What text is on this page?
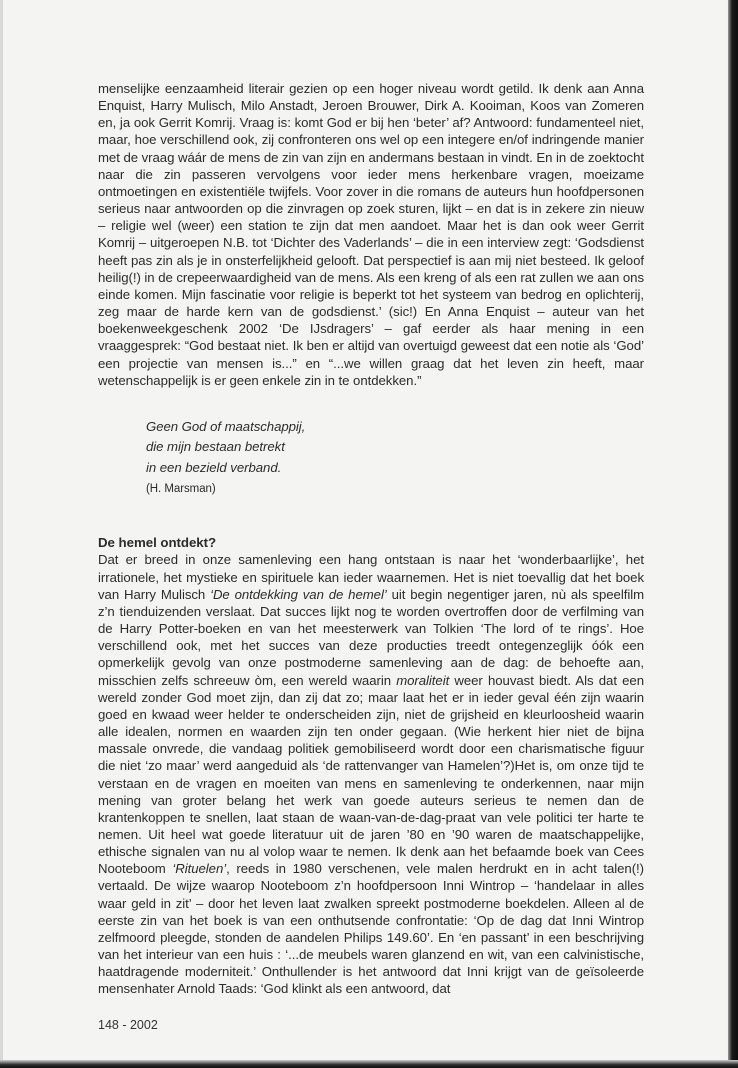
menselijke eenzaamheid literair gezien op een hoger niveau wordt getild. Ik denk aan Anna Enquist, Harry Mulisch, Milo Anstadt, Jeroen Brouwer, Dirk A. Kooiman, Koos van Zomeren en, ja ook Gerrit Komrij. Vraag is: komt God er bij hen ‘beter’ af? Antwoord: fundamenteel niet, maar, hoe verschillend ook, zij confronteren ons wel op een integere en/of indringende manier met de vraag wáár de mens de zin van zijn en andermans bestaan in vindt. En in de zoektocht naar die zin passeren vervolgens voor ieder mens herkenbare vragen, moeizame ontmoetingen en existentiële twijfels. Voor zover in die romans de auteurs hun hoofdpersonen serieus naar antwoorden op die zinvragen op zoek sturen, lijkt – en dat is in zekere zin nieuw – religie wel (weer) een station te zijn dat men aandoet. Maar het is dan ook weer Gerrit Komrij – uitgeroepen N.B. tot ‘Dichter des Vaderlands’ – die in een interview zegt: ‘Godsdienst heeft pas zin als je in onsterfelijkheid gelooft. Dat perspectief is aan mij niet besteed. Ik geloof heilig(!) in de crepeerwaardigheid van de mens. Als een kreng of als een rat zullen we aan ons einde komen. Mijn fascinatie voor religie is beperkt tot het systeem van bedrog en oplichterij, zeg maar de harde kern van de godsdienst.’ (sic!) En Anna Enquist – auteur van het boekenweekgeschenk 2002 ‘De IJsdragers’ – gaf eerder als haar mening in een vraaggesprek: “God bestaat niet. Ik ben er altijd van overtuigd geweest dat een notie als ‘God’ een projectie van mensen is...” en “...we willen graag dat het leven zin heeft, maar wetenschappelijk is er geen enkele zin in te ontdekken.”

Geen God of maatschappij,
die mijn bestaan betrekt
in een bezield verband.
(H. Marsman)
De hemel ontdekt?

Dat er breed in onze samenleving een hang ontstaan is naar het ‘wonderbaarlijke’, het irrationele, het mystieke en spirituele kan ieder waarnemen. Het is niet toevallig dat het boek van Harry Mulisch ‘De ontdekking van de hemel’ uit begin negentiger jaren, nù als speelfilm z’n tienduizenden verslaat. Dat succes lijkt nog te worden overtroffen door de verfilming van de Harry Potter-boeken en van het meesterwerk van Tolkien ‘The lord of te rings’. Hoe verschillend ook, met het succes van deze producties treedt ontegenzeglijk óók een opmerkelijk gevolg van onze postmoderne samenleving aan de dag: de behoefte aan, misschien zelfs schreeuw òm, een wereld waarin moraliteit weer houvast biedt. Als dat een wereld zonder God moet zijn, dan zij dat zo; maar laat het er in ieder geval één zijn waarin goed en kwaad weer helder te onderscheiden zijn, niet de grijsheid en kleurloosheid waarin alle idealen, normen en waarden zijn ten onder gegaan. (Wie herkent hier niet de bijna massale onvrede, die vandaag politiek gemobiliseerd wordt door een charismatische figuur die niet ‘zo maar’ werd aangeduid als ‘de rattenvanger van Hamelen’?)Het is, om onze tijd te verstaan en de vragen en moeiten van mens en samenleving te onderkennen, naar mijn mening van groter belang het werk van goede auteurs serieus te nemen dan de krantenkoppen te snellen, laat staan de waan-van-de-dag-praat van vele politici ter harte te nemen. Uit heel wat goede literatuur uit de jaren ’80 en ’90 waren de maatschappelijke, ethische signalen van nu al volop waar te nemen. Ik denk aan het befaamde boek van Cees Nooteboom ‘Rituelen’, reeds in 1980 verschenen, vele malen herdrukt en in acht talen(!) vertaald. De wijze waarop Nooteboom z’n hoofdpersoon Inni Wintrop – ‘handelaar in alles waar geld in zit’ – door het leven laat zwalken spreekt postmoderne boekdelen. Alleen al de eerste zin van het boek is van een onthutsende confrontatie: ‘Op de dag dat Inni Wintrop zelfmoord pleegde, stonden de aandelen Philips 149.60’. En ‘en passant’ in een beschrijving van het interieur van een huis : ‘...de meubels waren glanzend en wit, van een calvinistische, haatdragende moderniteit.’ Onthullender is het antwoord dat Inni krijgt van de geïsoleerde mensenhater Arnold Taads: ‘God klinkt als een antwoord, dat

148 - 2002
